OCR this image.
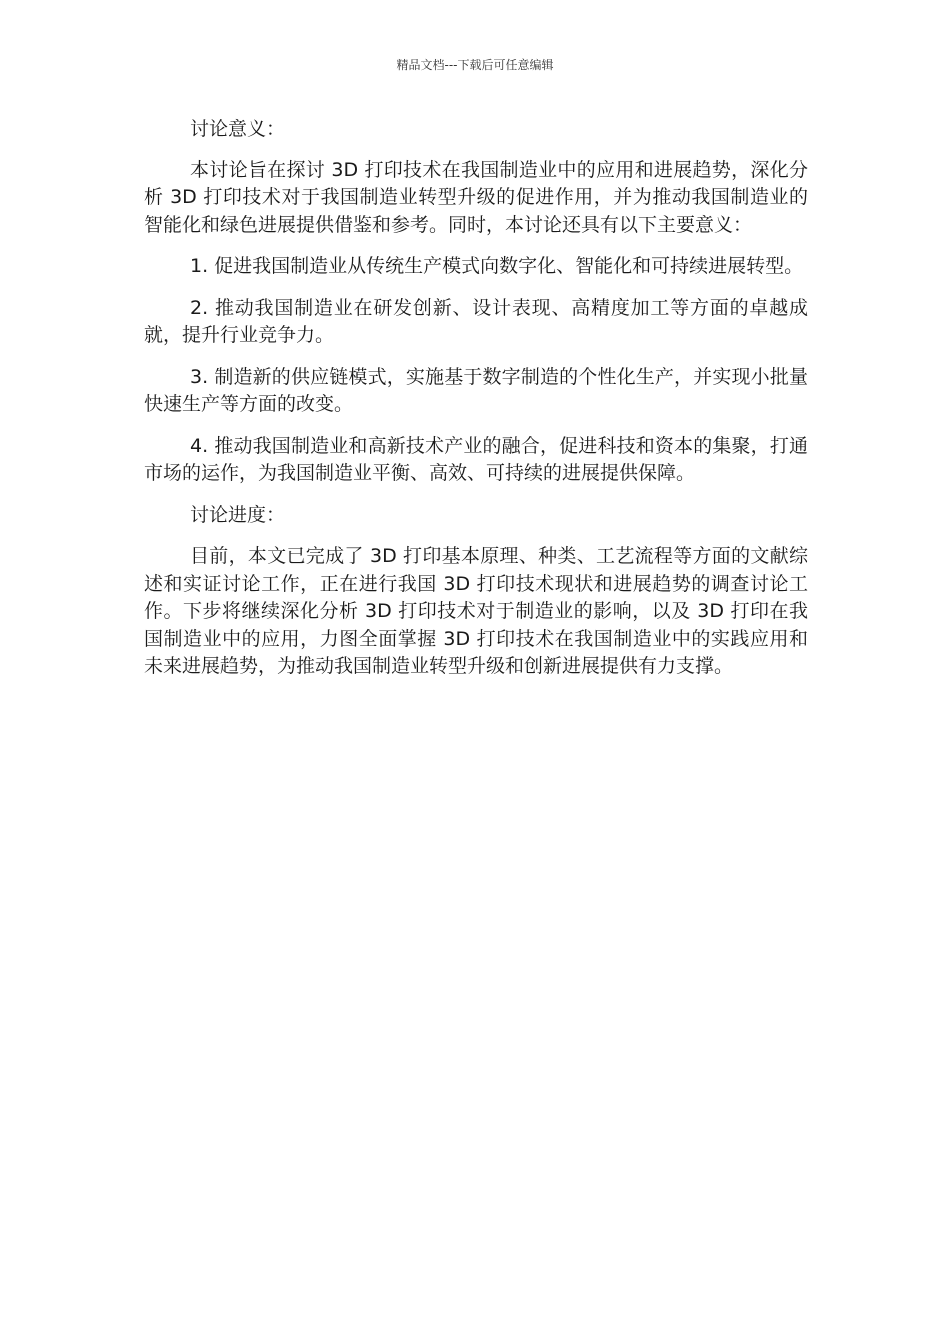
精品文档---下载后可任意编辑

讨论意义：

本讨论旨在探讨 3D 打印技术在我国制造业中的应用和进展趋势，深化分析 3D 打印技术对于我国制造业转型升级的促进作用，并为推动我国制造业的智能化和绿色进展提供借鉴和参考。同时，本讨论还具有以下主要意义：

1. 促进我国制造业从传统生产模式向数字化、智能化和可持续进展转型。

2. 推动我国制造业在研发创新、设计表现、高精度加工等方面的卓越成就，提升行业竞争力。

3. 制造新的供应链模式，实施基于数字制造的个性化生产，并实现小批量快速生产等方面的改变。

4. 推动我国制造业和高新技术产业的融合，促进科技和资本的集聚，打通市场的运作，为我国制造业平衡、高效、可持续的进展提供保障。

讨论进度：

目前，本文已完成了 3D 打印基本原理、种类、工艺流程等方面的文献综述和实证讨论工作，正在进行我国 3D 打印技术现状和进展趋势的调查讨论工作。下步将继续深化分析 3D 打印技术对于制造业的影响，以及 3D 打印在我国制造业中的应用，力图全面掌握 3D 打印技术在我国制造业中的实践应用和未来进展趋势，为推动我国制造业转型升级和创新进展提供有力支撑。
